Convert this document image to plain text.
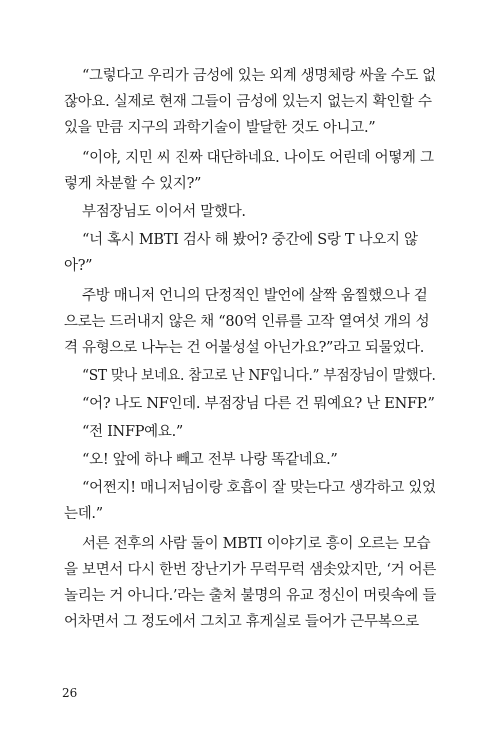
“그렇다고 우리가 금성에 있는 외계 생명체랑 싸울 수도 없
잖아요. 실제로 현재 그들이 금성에 있는지 없는지 확인할 수
있을 만큼 지구의 과학기술이 발달한 것도 아니고.”
“이야, 지민 씨 진짜 대단하네요. 나이도 어린데 어떻게 그
렇게 차분할 수 있지?”
부점장님도 이어서 말했다.
“너 혹시 MBTI 검사 해 봤어? 중간에 S랑 T 나오지 않
아?”
주방 매니저 언니의 단정적인 발언에 살짝 움찔했으나 겉
으로는 드러내지 않은 채 “80억 인류를 고작 열여섯 개의 성
격 유형으로 나누는 건 어불성설 아닌가요?”라고 되물었다.
“ST 맞나 보네요. 참고로 난 NF입니다.” 부점장님이 말했다.
“어? 나도 NF인데. 부점장님 다른 건 뭐예요? 난 ENFP.”
“전 INFP예요.”
“오! 앞에 하나 빼고 전부 나랑 똑같네요.”
“어쩐지! 매니저님이랑 호흡이 잘 맞는다고 생각하고 있었
는데.”
서른 전후의 사람 둘이 MBTI 이야기로 흥이 오르는 모습
을 보면서 다시 한번 장난기가 무럭무럭 샘솟았지만, ‘거 어른
놀리는 거 아니다.’라는 출처 불명의 유교 정신이 머릿속에 들
어차면서 그 정도에서 그치고 휴게실로 들어가 근무복으로
26
